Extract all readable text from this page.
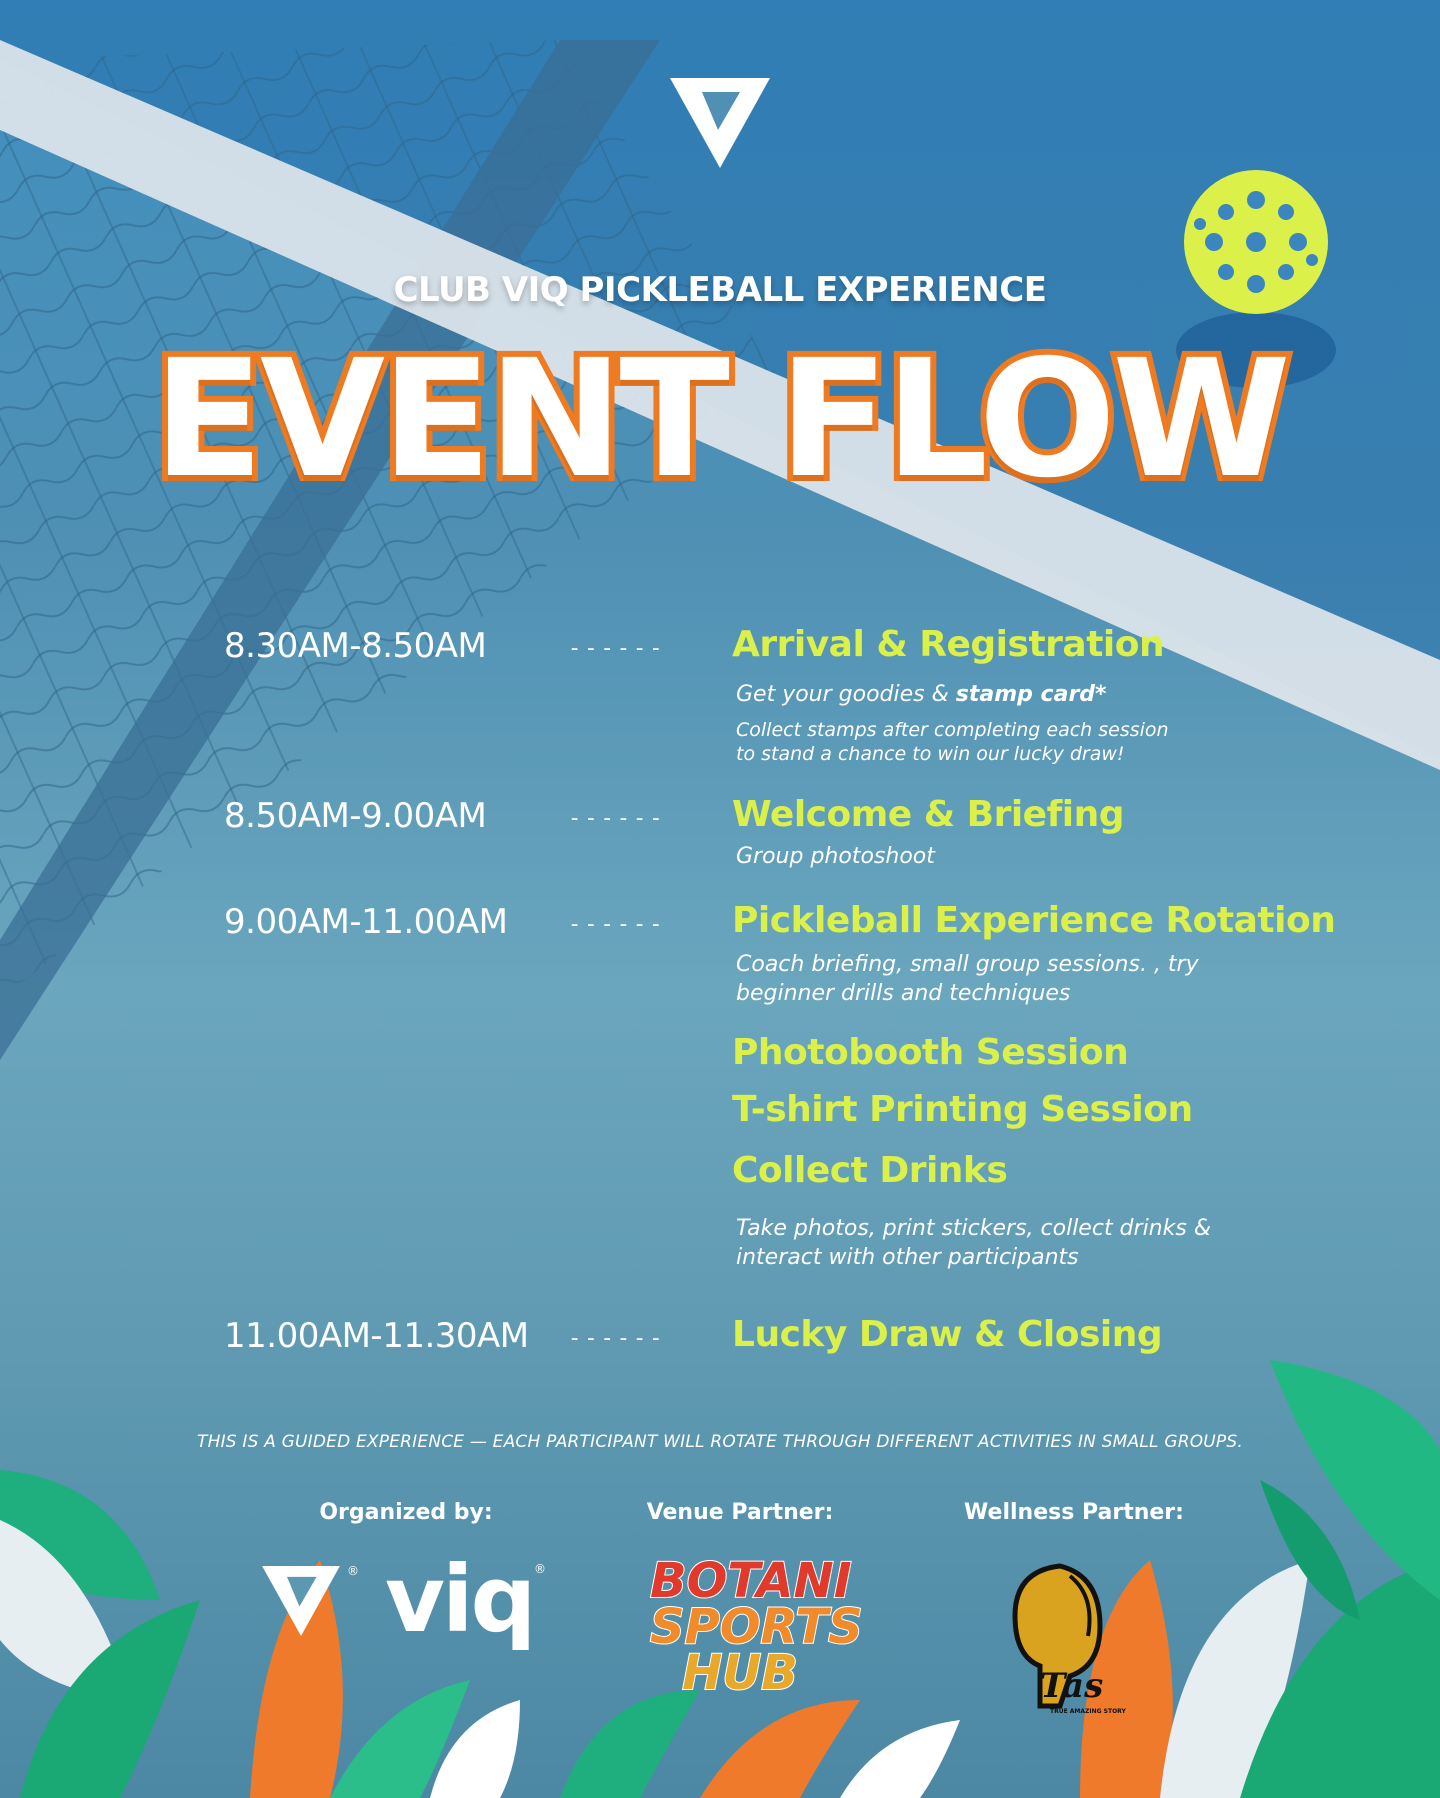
CLUB VIQ PICKLEBALL EXPERIENCE
EVENT FLOW
8.30AM-8.50AM	------ Arrival & Registration
Get your goodies & stamp card*
Collect stamps after completing each session
to stand a chance to win our lucky draw!
8.50AM-9.00AM	------ Welcome & Briefing
Group photoshoot
9.00AM-11.00AM	------ Pickleball Experience Rotation
Coach briefing, small group sessions. , try
beginner drills and techniques
Photobooth Session
T-shirt Printing Session
Collect Drinks
Take photos, print stickers, collect drinks &
interact with other participants
11.00AM-11.30AM ------ Lucky Draw & Closing
THIS IS A GUIDED EXPERIENCE — EACH PARTICIPANT WILL ROTATE THROUGH DIFFERENT ACTIVITIES IN SMALL GROUPS.
Organized by:	Venue Partner:	Wellness Partner:
® viq ® BOTANI
SPORTS
HUB	Tas
TRUE AMAZING STORY
